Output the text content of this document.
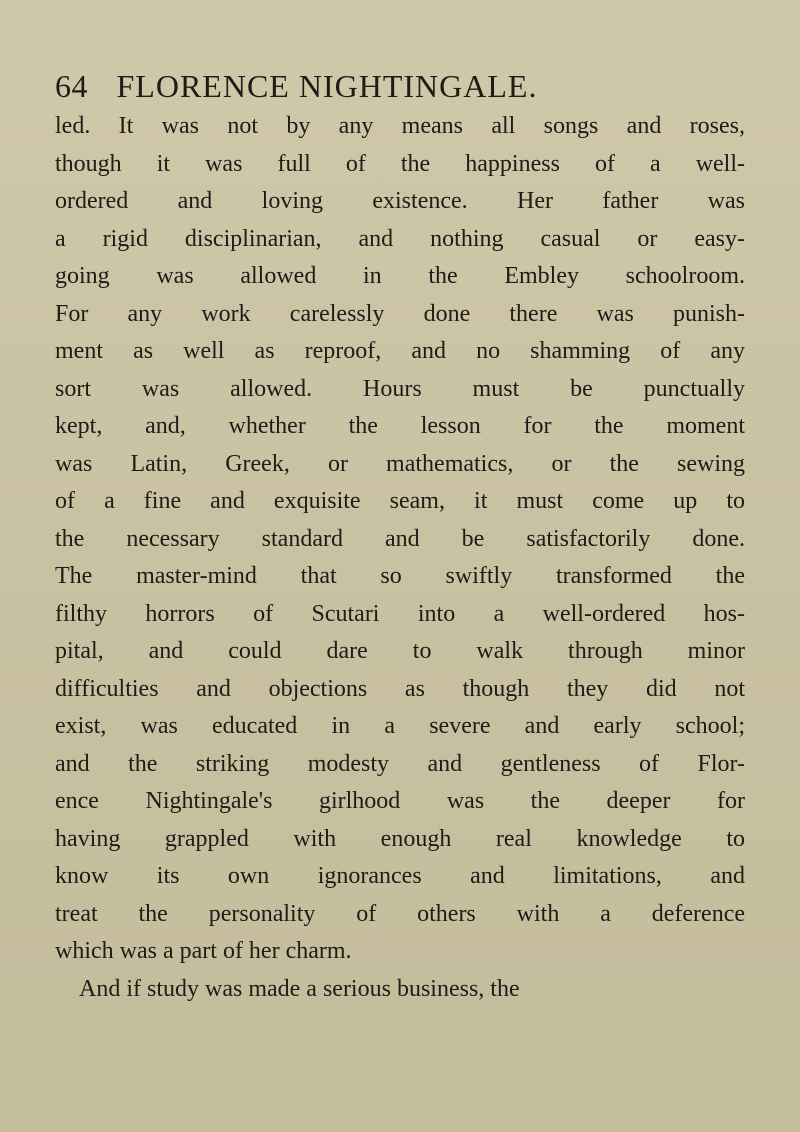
64 FLORENCE NIGHTINGALE.
led. It was not by any means all songs and roses,
though it was full of the happiness of a well-
ordered and loving existence. Her father was
a rigid disciplinarian, and nothing casual or easy-
going was allowed in the Embley schoolroom.
For any work carelessly done there was punish-
ment as well as reproof, and no shamming of any
sort was allowed. Hours must be punctually
kept, and, whether the lesson for the moment
was Latin, Greek, or mathematics, or the sewing
of a fine and exquisite seam, it must come up to
the necessary standard and be satisfactorily done.
The master-mind that so swiftly transformed the
filthy horrors of Scutari into a well-ordered hos-
pital, and could dare to walk through minor
difficulties and objections as though they did not
exist, was educated in a severe and early school;
and the striking modesty and gentleness of Flor-
ence Nightingale's girlhood was the deeper for
having grappled with enough real knowledge to
know its own ignorances and limitations, and
treat the personality of others with a deference
which was a part of her charm.
And if study was made a serious business, the
